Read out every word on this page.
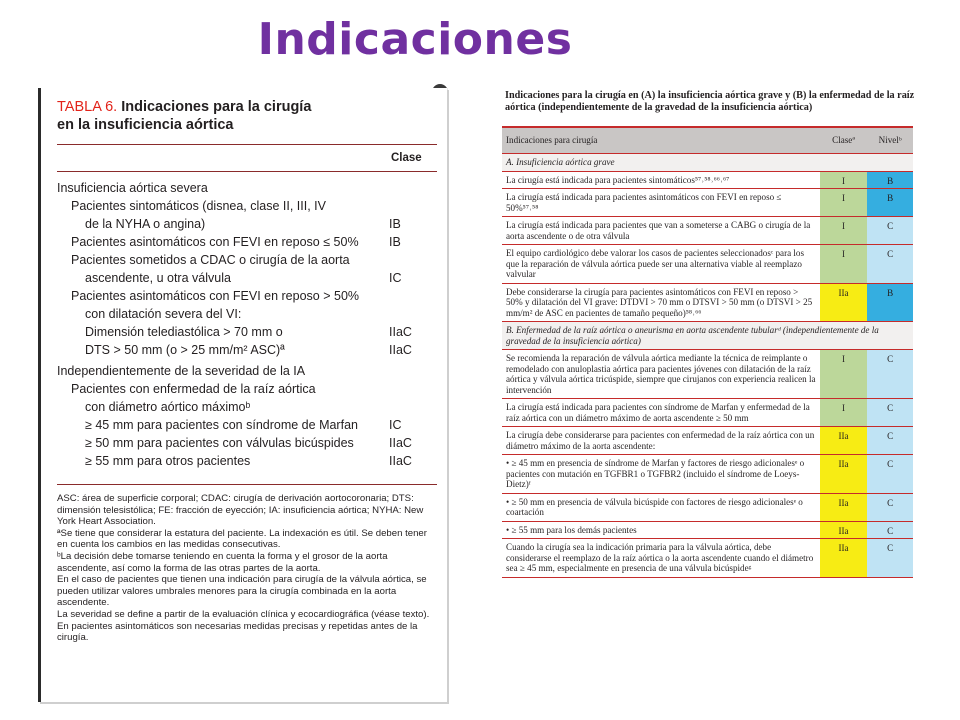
Indicaciones
TABLA 6. Indicaciones para la cirugía
en la insuficiencia aórtica
Clase
Insuficiencia aórtica severa
Pacientes sintomáticos (disnea, clase II, III, IV
de la NYHA o angina)	IB
Pacientes asintomáticos con FEVI en reposo ≤ 50% IB
Pacientes sometidos a CDAC o cirugía de la aorta
ascendente, u otra válvula	IC
Pacientes asintomáticos con FEVI en reposo > 50%
con dilatación severa del VI:
Dimensión telediastólica > 70 mm o	IIaC
DTS > 50 mm (o > 25 mm/m² ASC)ª	IIaC
Independientemente de la severidad de la IA
Pacientes con enfermedad de la raíz aórtica
con diámetro aórtico máximoᵇ
≥ 45 mm para pacientes con síndrome de Marfan IC
≥ 50 mm para pacientes con válvulas bicúspides	IIaC
≥ 55 mm para otros pacientes	IIaC

ASC: área de superficie corporal; CDAC: cirugía de derivación aortocoronaria; DTS: dimensión telesistólica; FE: fracción de eyección; IA: insuficiencia aórtica; NYHA: New York Heart Association.

ªSe tiene que considerar la estatura del paciente. La indexación es útil. Se deben tener en cuenta los cambios en las medidas consecutivas.

ᵇLa decisión debe tomarse teniendo en cuenta la forma y el grosor de la aorta ascendente, así como la forma de las otras partes de la aorta.

En el caso de pacientes que tienen una indicación para cirugía de la válvula aórtica, se pueden utilizar valores umbrales menores para la cirugía combinada en la aorta ascendente.

La severidad se define a partir de la evaluación clínica y ecocardiográfica (véase texto).

En pacientes asintomáticos son necesarias medidas precisas y repetidas antes de la cirugía.

Indicaciones para la cirugía en (A) la insuficiencia aórtica grave y (B) la enfermedad de la raíz aórtica (independientemente de la gravedad de la insuficiencia aórtica)
Indicaciones para cirugía	Claseª	Nivelᵇ
A. Insuficiencia aórtica grave		
La cirugía está indicada para pacientes sintomáticos⁵⁷˒⁵⁸˒⁶⁶˒⁶⁷	I	B
La cirugía está indicada para pacientes asintomáticos con FEVI en reposo ≤ 50%⁵⁷˒⁵⁸	I	B
La cirugía está indicada para pacientes que van a someterse a CABG o cirugía de la aorta ascendente o de otra válvula	I	C
El equipo cardiológico debe valorar los casos de pacientes seleccionadosᶜ para los que la reparación de válvula aórtica puede ser una alternativa viable al reemplazo valvular	I	C
Debe considerarse la cirugía para pacientes asintomáticos con FEVI en reposo > 50% y dilatación del VI grave: DTDVI > 70 mm o DTSVI > 50 mm (o DTSVI > 25 mm/m² de ASC en pacientes de tamaño pequeño)⁵⁸˒⁶⁶	IIa	B
B. Enfermedad de la raíz aórtica o aneurisma en aorta ascendente tubularᵈ (independientemente de la gravedad de la insuficiencia aórtica)		
Se recomienda la reparación de válvula aórtica mediante la técnica de reimplante o remodelado con anuloplastia aórtica para pacientes jóvenes con dilatación de la raíz aórtica y válvula aórtica tricúspide, siempre que cirujanos con experiencia realicen la intervención	I	C
La cirugía está indicada para pacientes con síndrome de Marfan y enfermedad de la raíz aórtica con un diámetro máximo de aorta ascendente ≥ 50 mm	I	C
La cirugía debe considerarse para pacientes con enfermedad de la raíz aórtica con un diámetro máximo de la aorta ascendente:	IIa	C
• ≥ 45 mm en presencia de síndrome de Marfan y factores de riesgo adicionalesᵉ o pacientes con mutación en TGFBR1 o TGFBR2 (incluido el síndrome de Loeys-Dietz)ᶠ	IIa	C
• ≥ 50 mm en presencia de válvula bicúspide con factores de riesgo adicionalesᵉ o coartación	IIa	C
• ≥ 55 mm para los demás pacientes	IIa	C
Cuando la cirugía sea la indicación primaria para la válvula aórtica, debe considerarse el reemplazo de la raíz aórtica o la aorta ascendente cuando el diámetro sea ≥ 45 mm, especialmente en presencia de una válvula bicúspideᵍ	IIa	C
